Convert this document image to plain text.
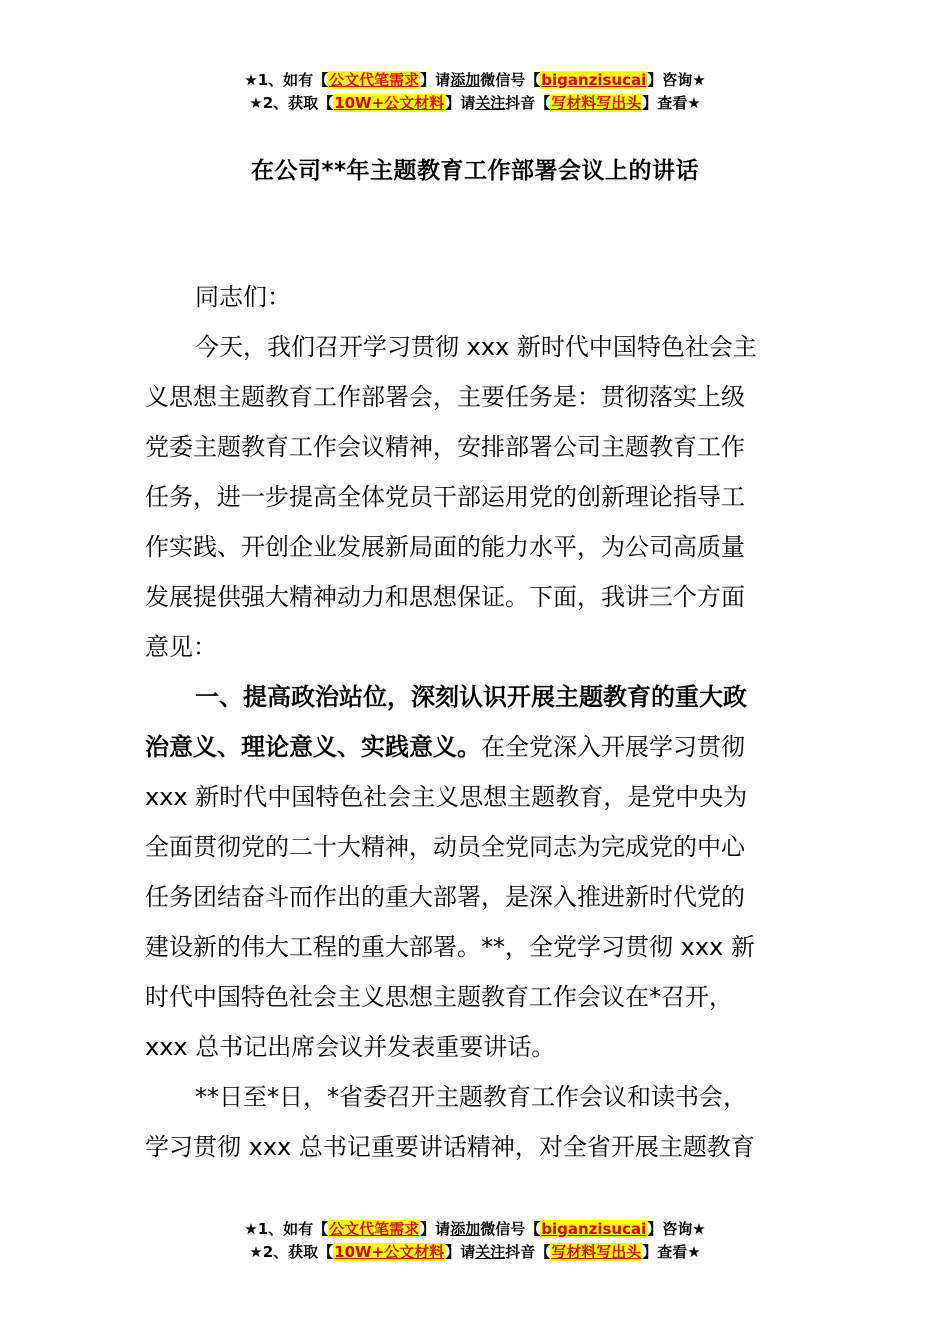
★1、如有【公文代笔需求】请添加微信号【biganzisucai】咨询★
★2、获取【10W+公文材料】请关注抖音【写材料写出头】查看★
在公司**年主题教育工作部署会议上的讲话
同志们：
今天，我们召开学习贯彻 xxx 新时代中国特色社会主
义思想主题教育工作部署会，主要任务是：贯彻落实上级
党委主题教育工作会议精神，安排部署公司主题教育工作
任务，进一步提高全体党员干部运用党的创新理论指导工
作实践、开创企业发展新局面的能力水平，为公司高质量
发展提供强大精神动力和思想保证。下面，我讲三个方面
意见：
一、提高政治站位，深刻认识开展主题教育的重大政
治意义、理论意义、实践意义。在全党深入开展学习贯彻
xxx 新时代中国特色社会主义思想主题教育，是党中央为
全面贯彻党的二十大精神，动员全党同志为完成党的中心
任务团结奋斗而作出的重大部署，是深入推进新时代党的
建设新的伟大工程的重大部署。**，全党学习贯彻 xxx 新
时代中国特色社会主义思想主题教育工作会议在*召开，
xxx 总书记出席会议并发表重要讲话。
**日至*日，*省委召开主题教育工作会议和读书会，
学习贯彻 xxx 总书记重要讲话精神，对全省开展主题教育
★1、如有【公文代笔需求】请添加微信号【biganzisucai】咨询★
★2、获取【10W+公文材料】请关注抖音【写材料写出头】查看★
